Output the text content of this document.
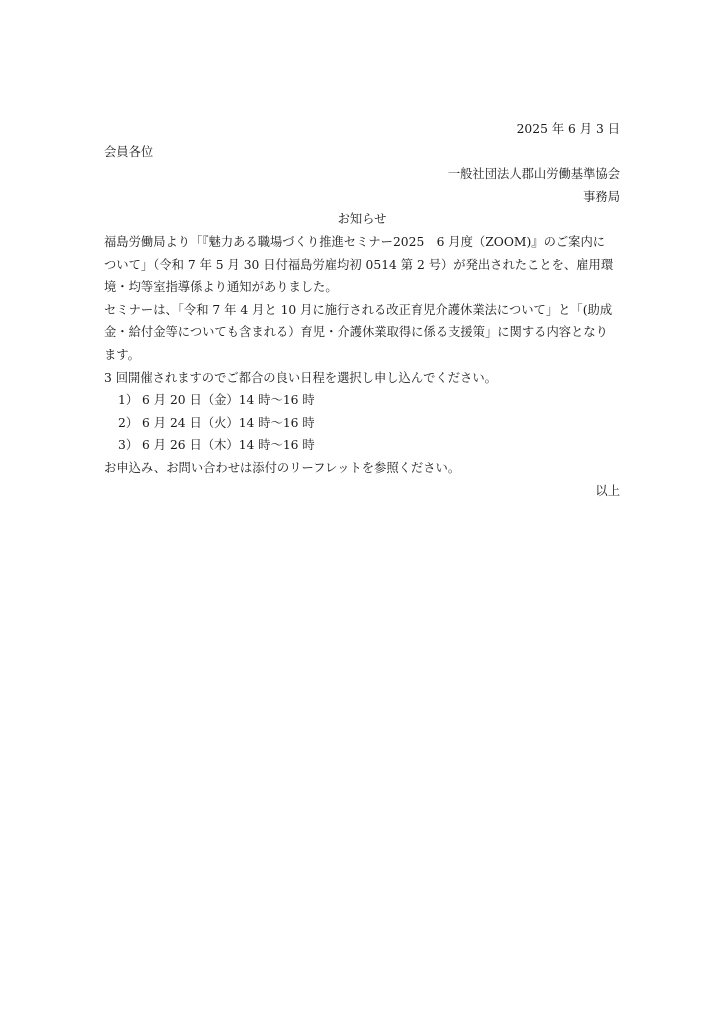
2025 年 6 月 3 日
会員各位
一般社団法人郡山労働基準協会
事務局
お知らせ
福島労働局より「『魅力ある職場づくり推進セミナー2025　6 月度（ZOOM)』のご案内に
ついて」（令和 7 年 5 月 30 日付福島労雇均初 0514 第 2 号）が発出されたことを、雇用環
境・均等室指導係より通知がありました。
セミナーは、「令和 7 年 4 月と 10 月に施行される改正育児介護休業法について」と「(助成
金・給付金等についても含まれる）育児・介護休業取得に係る支援策」に関する内容となり
ます。
3 回開催されますのでご都合の良い日程を選択し申し込んでください。
1） 6 月 20 日（金）14 時〜16 時
2） 6 月 24 日（火）14 時〜16 時
3） 6 月 26 日（木）14 時〜16 時
お申込み、お問い合わせは添付のリーフレットを参照ください。
以上
